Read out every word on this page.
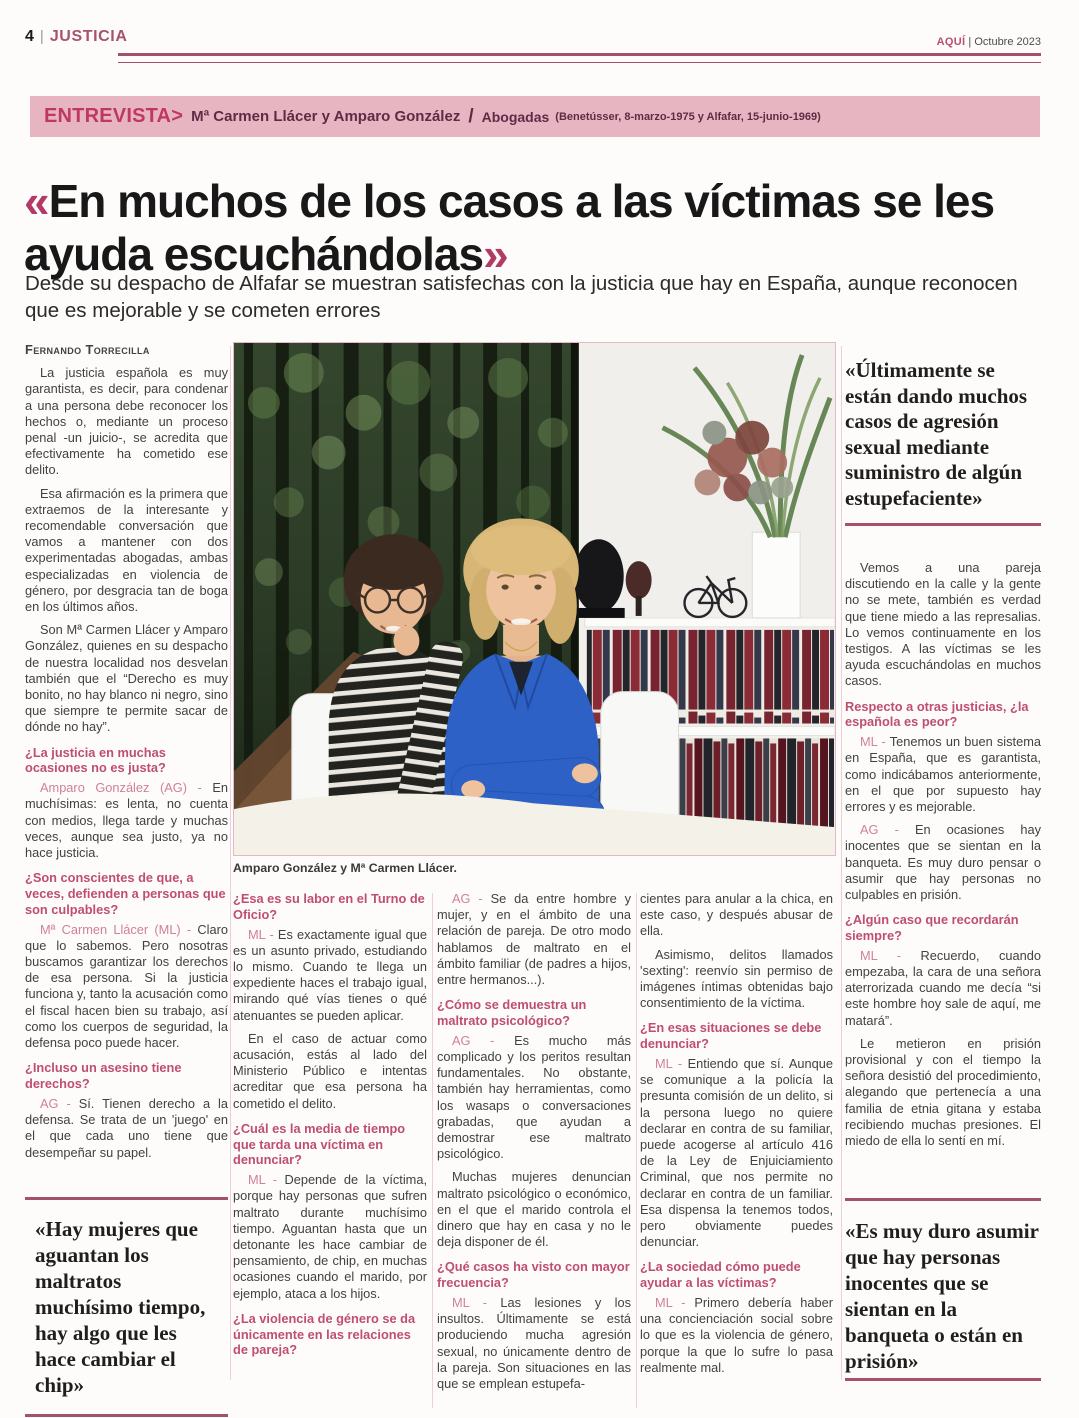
4 | JUSTICIA	AQUÍ | Octubre 2023
ENTREVISTA> Mª Carmen Llácer y Amparo González / Abogadas (Benetússer, 8-marzo-1975 y Alfafar, 15-junio-1969)
«En muchos de los casos a las víctimas se les ayuda escuchándolas»
Desde su despacho de Alfafar se muestran satisfechas con la justicia que hay en España, aunque reconocen que es mejorable y se cometen errores

Fernando Torrecilla

La justicia española es muy garantista, es decir, para condenar a una persona debe reconocer los hechos o, mediante un proceso penal -un juicio-, se acredita que efectivamente ha cometido ese delito.

Esa afirmación es la primera que extraemos de la interesante y recomendable conversación que vamos a mantener con dos experimentadas abogadas, ambas especializadas en violencia de género, por desgracia tan de boga en los últimos años.

Son Mª Carmen Llácer y Amparo González, quienes en su despacho de nuestra localidad nos desvelan también que el “Derecho es muy bonito, no hay blanco ni negro, sino que siempre te permite sacar de dónde no hay”.

¿La justicia en muchas ocasiones no es justa?

Amparo González (AG) - En muchísimas: es lenta, no cuenta con medios, llega tarde y muchas veces, aunque sea justo, ya no hace justicia.

¿Son conscientes de que, a veces, defienden a personas que son culpables?

Mª Carmen Llácer (ML) - Claro que lo sabemos. Pero nosotras buscamos garantizar los derechos de esa persona. Si la justicia funciona y, tanto la acusación como el fiscal hacen bien su trabajo, así como los cuerpos de seguridad, la defensa poco puede hacer.

¿Incluso un asesino tiene derechos?

AG - Sí. Tienen derecho a la defensa. Se trata de un 'juego' en el que cada uno tiene que desempeñar su papel.

«Hay mujeres que aguantan los maltratos muchísimo tiempo, hay algo que les hace cambiar el chip»
Amparo González y Mª Carmen Llácer.
«Últimamente se están dando muchos casos de agresión sexual mediante suministro de algún estupefaciente»

Vemos a una pareja discutiendo en la calle y la gente no se mete, también es verdad que tiene miedo a las represalias. Lo vemos continuamente en los testigos. A las víctimas se les ayuda escuchándolas en muchos casos.

Respecto a otras justicias, ¿la española es peor?

ML - Tenemos un buen sistema en España, que es garantista, como indicábamos anteriormente, en el que por supuesto hay errores y es mejorable.

AG - En ocasiones hay inocentes que se sientan en la banqueta. Es muy duro pensar o asumir que hay personas no culpables en prisión.

¿Algún caso que recordarán siempre?

ML - Recuerdo, cuando empezaba, la cara de una señora aterrorizada cuando me decía “si este hombre hoy sale de aquí, me matará”.

Le metieron en prisión provisional y con el tiempo la señora desistió del procedimiento, alegando que pertenecía a una familia de etnia gitana y estaba recibiendo muchas presiones. El miedo de ella lo sentí en mí.

«Es muy duro asumir que hay personas inocentes que se sientan en la banqueta o están en prisión»

¿Esa es su labor en el Turno de Oficio?

ML - Es exactamente igual que es un asunto privado, estudiando lo mismo. Cuando te llega un expediente haces el trabajo igual, mirando qué vías tienes o qué atenuantes se pueden aplicar.

En el caso de actuar como acusación, estás al lado del Ministerio Público e intentas acreditar que esa persona ha cometido el delito.

¿Cuál es la media de tiempo que tarda una víctima en denunciar?

ML - Depende de la víctima, porque hay personas que sufren maltrato durante muchísimo tiempo. Aguantan hasta que un detonante les hace cambiar de pensamiento, de chip, en muchas ocasiones cuando el marido, por ejemplo, ataca a los hijos.

¿La violencia de género se da únicamente en las relaciones de pareja?

AG - Se da entre hombre y mujer, y en el ámbito de una relación de pareja. De otro modo hablamos de maltrato en el ámbito familiar (de padres a hijos, entre hermanos...).

¿Cómo se demuestra un maltrato psicológico?

AG - Es mucho más complicado y los peritos resultan fundamentales. No obstante, también hay herramientas, como los wasaps o conversaciones grabadas, que ayudan a demostrar ese maltrato psicológico.

Muchas mujeres denuncian maltrato psicológico o económico, en el que el marido controla el dinero que hay en casa y no le deja disponer de él.

¿Qué casos ha visto con mayor frecuencia?

ML - Las lesiones y los insultos. Últimamente se está produciendo mucha agresión sexual, no únicamente dentro de la pareja. Son situaciones en las que se emplean estupefa-

cientes para anular a la chica, en este caso, y después abusar de ella.

Asimismo, delitos llamados 'sexting': reenvío sin permiso de imágenes íntimas obtenidas bajo consentimiento de la víctima.

¿En esas situaciones se debe denunciar?

ML - Entiendo que sí. Aunque se comunique a la policía la presunta comisión de un delito, si la persona luego no quiere declarar en contra de su familiar, puede acogerse al artículo 416 de la Ley de Enjuiciamiento Criminal, que nos permite no declarar en contra de un familiar. Esa dispensa la tenemos todos, pero obviamente puedes denunciar.

¿La sociedad cómo puede ayudar a las víctimas?

ML - Primero debería haber una concienciación social sobre lo que es la violencia de género, porque la que lo sufre lo pasa realmente mal.
